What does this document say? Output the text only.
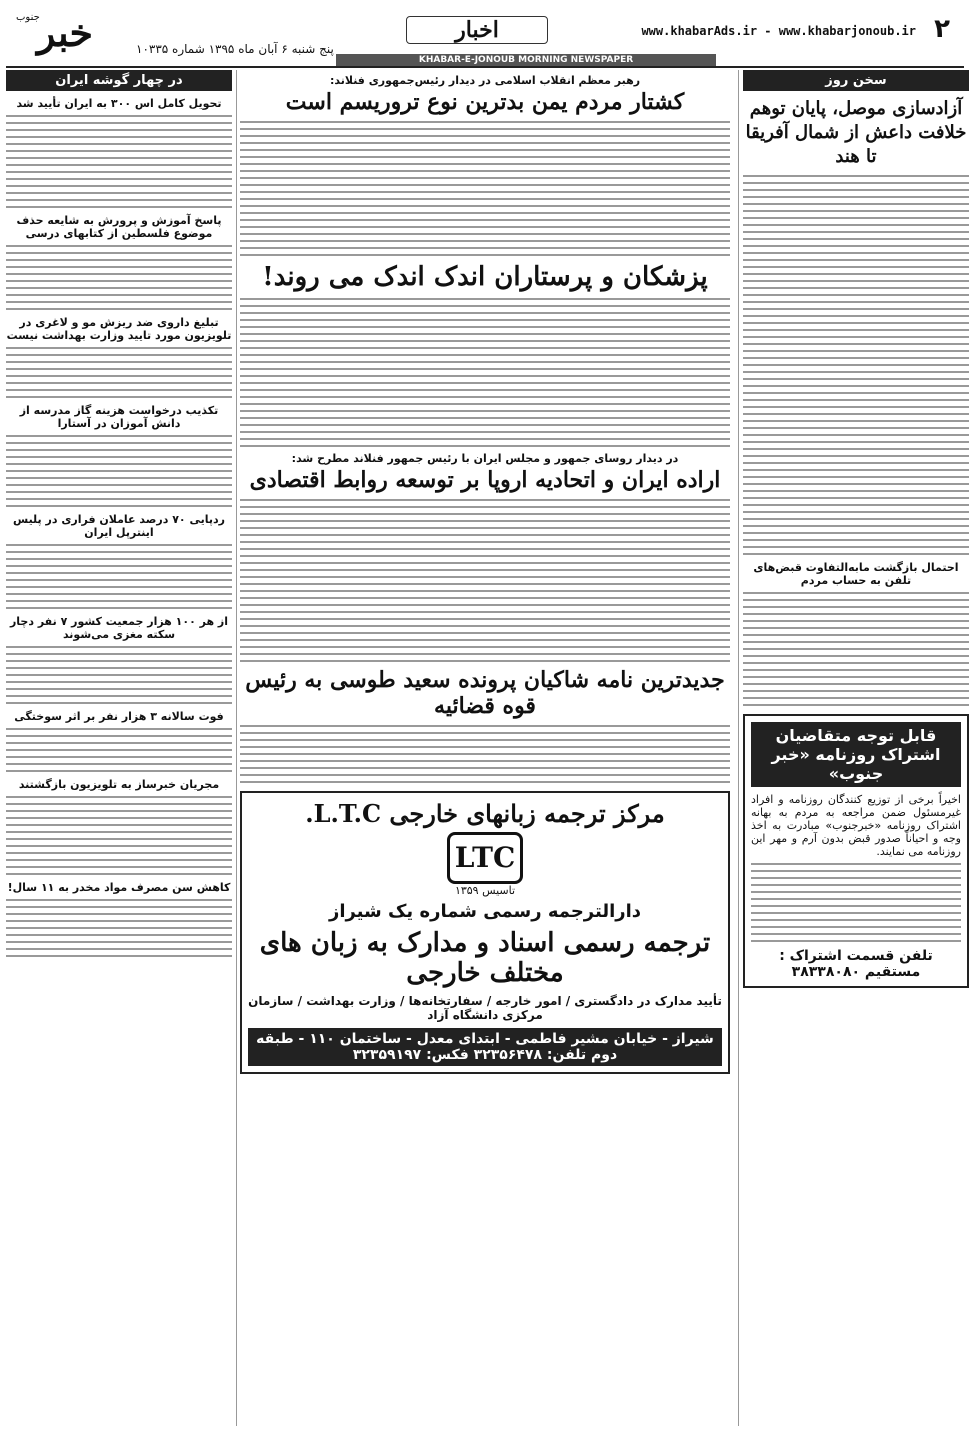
۲
www.khabarAds.ir - www.khabarjonoub.ir
اخبار
پنج شنبه ۶ آبان ماه ۱۳۹۵ شماره ۱۰۳۳۵
خبر
جنوب
KHABAR-E-JONOUB MORNING NEWSPAPER
در چهار گوشه ایران
تحویل کامل اس ۳۰۰ به ایران تأیید شد
پاسخ آموزش و پرورش به شایعه حذف موضوع فلسطین از کتابهای درسی
تبلیغ داروی ضد ریزش مو و لاغری در تلویزیون مورد تایید وزارت بهداشت نیست
تکذیب درخواست هزینه گاز مدرسه از دانش آموزان در آستارا
ردپایی ۷۰ درصد عاملان فراری در پلیس اینترپل ایران
از هر ۱۰۰ هزار جمعیت کشور ۷ نفر دچار سکته مغزی می‌شوند
فوت سالانه ۳ هزار نفر بر اثر سوختگی
مجریان خبرساز به تلویزیون بازگشتند
کاهش سن مصرف مواد مخدر به ۱۱ سال!
رهبر معظم انقلاب اسلامی در دیدار رئیس‌جمهوری فنلاند:
کشتار مردم یمن بدترین نوع تروریسم است
پزشکان و پرستاران اندک اندک می روند!
در دیدار روسای جمهور و مجلس ایران با رئیس جمهور فنلاند مطرح شد:
اراده ایران و اتحادیه اروپا بر توسعه روابط اقتصادی
جدیدترین نامه شاکیان پرونده سعید طوسی به رئیس قوه قضائیه
مرکز ترجمه زبانهای خارجی L.T.C.
LTC
تاسیس ۱۳۵۹
دارالترجمه رسمی شماره یک شیراز
ترجمه رسمی اسناد و مدارک به زبان های مختلف خارجی
تأیید مدارک در دادگستری / امور خارجه / سفارتخانه‌ها / وزارت بهداشت / سازمان مرکزی دانشگاه آزاد
شیراز - خیابان مشیر فاطمی - ابتدای معدل - ساختمان ۱۱۰ - طبقه دوم تلفن: ۳۲۳۵۶۴۷۸ فکس: ۳۲۳۵۹۱۹۷
سخن روز
آزادسازی موصل، پایان توهم خلافت داعش از شمال آفریقا تا هند
احتمال بازگشت مابه‌التفاوت قبض‌های تلفن به حساب مردم
قابل توجه متقاضیان اشتراک روزنامه «خبر جنوب»
اخیراً برخی از توزیع کنندگان روزنامه و افراد غیرمسئول ضمن مراجعه به مردم به بهانه اشتراک روزنامه «خبرجنوب» مبادرت به اخذ وجه و احیاناً صدور قبض بدون آرم و مهر این روزنامه می نمایند.
تلفن قسمت اشتراک : مستقیم ۳۸۳۳۸۰۸۰
